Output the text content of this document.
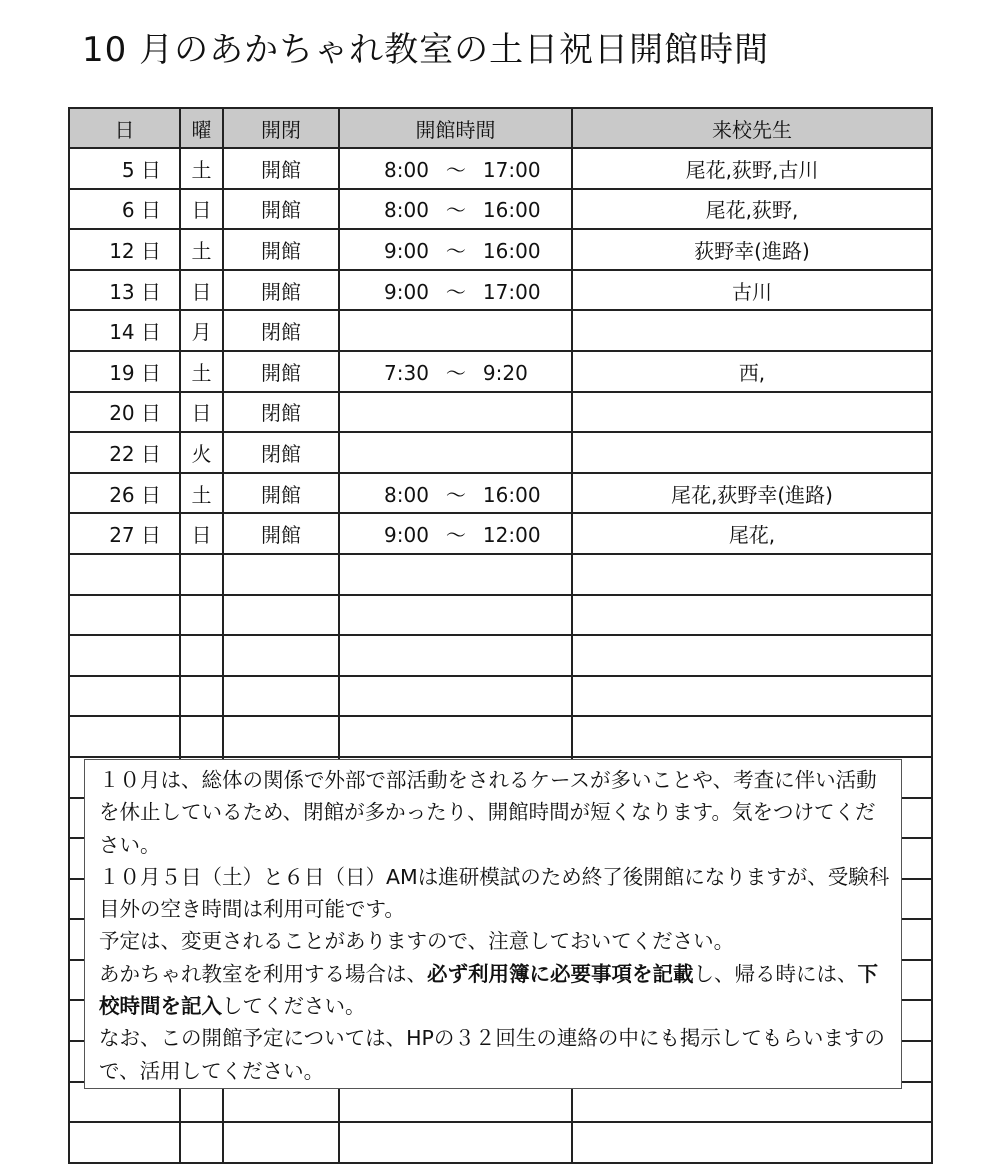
10 月のあかちゃれ教室の土日祝日開館時間
日	曜	開閉	開館時間	来校先生
5 日	土	開館	8:00 ～ 17:00	尾花,荻野,古川
6 日	日	開館	8:00 ～ 16:00	尾花,荻野,
12 日	土	開館	9:00 ～ 16:00	荻野幸(進路)
13 日	日	開館	9:00 ～ 17:00	古川
14 日	月	閉館		
19 日	土	開館	7:30 ～ 9:20	西,
20 日	日	閉館		
22 日	火	閉館		
26 日	土	開館	8:00 ～ 16:00	尾花,荻野幸(進路)
27 日	日	開館	9:00 ～ 12:00	尾花,

１０月は、総体の関係で外部で部活動をされるケースが多いことや、考査に伴い活動を休止しているため、閉館が多かったり、開館時間が短くなります。気をつけてください。

１０月５日（土）と６日（日）AMは進研模試のため終了後開館になりますが、受験科目外の空き時間は利用可能です。

予定は、変更されることがありますので、注意しておいてください。

あかちゃれ教室を利用する場合は、必ず利用簿に必要事項を記載し、帰る時には、下校時間を記入してください。

なお、この開館予定については、HPの３２回生の連絡の中にも掲示してもらいますので、活用してください。
